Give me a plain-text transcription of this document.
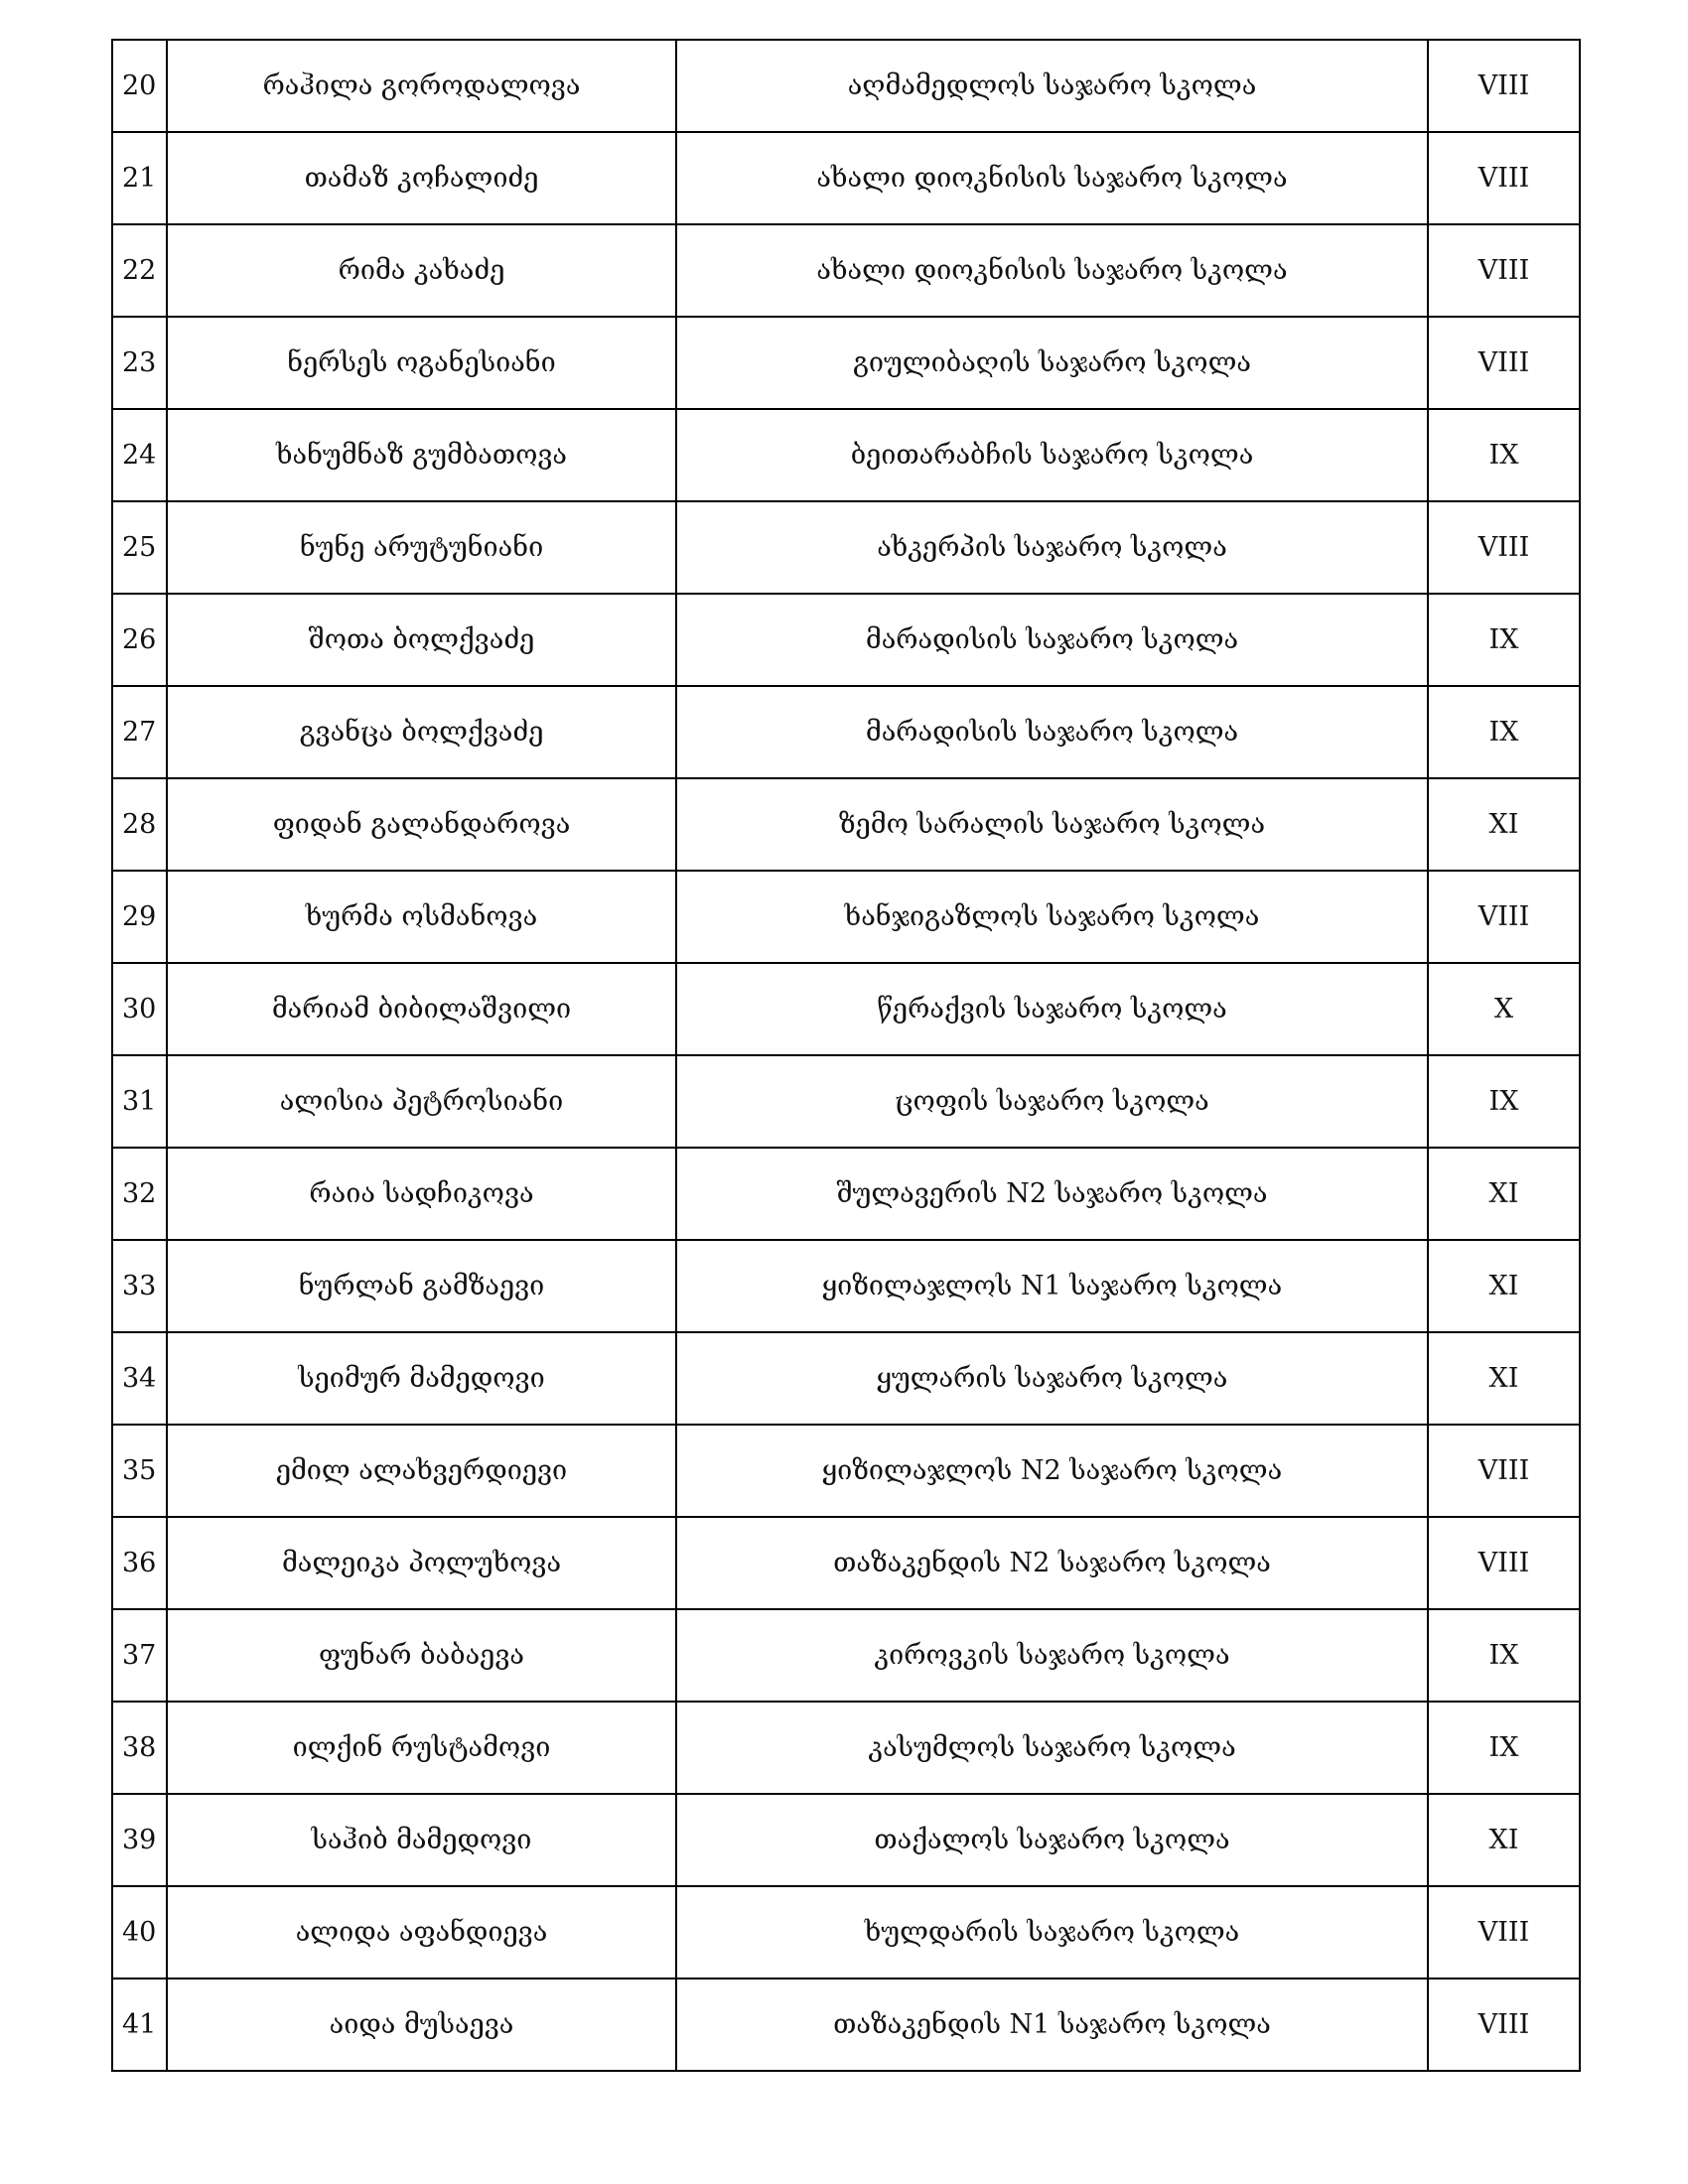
20	რაჰილა გოროდალოვა	აღმამედლოს საჯარო სკოლა	VIII
21	თამაზ კოჩალიძე	ახალი დიოკნისის საჯარო სკოლა	VIII
22	რიმა კახაძე	ახალი დიოკნისის საჯარო სკოლა	VIII
23	ნერსეს ოგანესიანი	გიულიბაღის საჯარო სკოლა	VIII
24	ხანუმნაზ გუმბათოვა	ბეითარაბჩის საჯარო სკოლა	IX
25	ნუნე არუტუნიანი	ახკერპის საჯარო სკოლა	VIII
26	შოთა ბოლქვაძე	მარადისის საჯარო სკოლა	IX
27	გვანცა ბოლქვაძე	მარადისის საჯარო სკოლა	IX
28	ფიდან გალანდაროვა	ზემო სარალის საჯარო სკოლა	XI
29	ხურმა ოსმანოვა	ხანჯიგაზლოს საჯარო სკოლა	VIII
30	მარიამ ბიბილაშვილი	წერაქვის საჯარო სკოლა	X
31	ალისია პეტროსიანი	ცოფის საჯარო სკოლა	IX
32	რაია სადჩიკოვა	შულავერის N2 საჯარო სკოლა	XI
33	ნურლან გამზაევი	ყიზილაჯლოს N1 საჯარო სკოლა	XI
34	სეიმურ მამედოვი	ყულარის საჯარო სკოლა	XI
35	ემილ ალახვერდიევი	ყიზილაჯლოს N2 საჯარო სკოლა	VIII
36	მალეიკა პოლუხოვა	თაზაკენდის N2 საჯარო სკოლა	VIII
37	ფუნარ ბაბაევა	კიროვკის საჯარო სკოლა	IX
38	ილქინ რუსტამოვი	კასუმლოს საჯარო სკოლა	IX
39	საჰიბ მამედოვი	თაქალოს საჯარო სკოლა	XI
40	ალიდა აფანდიევა	ხულდარის საჯარო სკოლა	VIII
41	აიდა მუსაევა	თაზაკენდის N1 საჯარო სკოლა	VIII
